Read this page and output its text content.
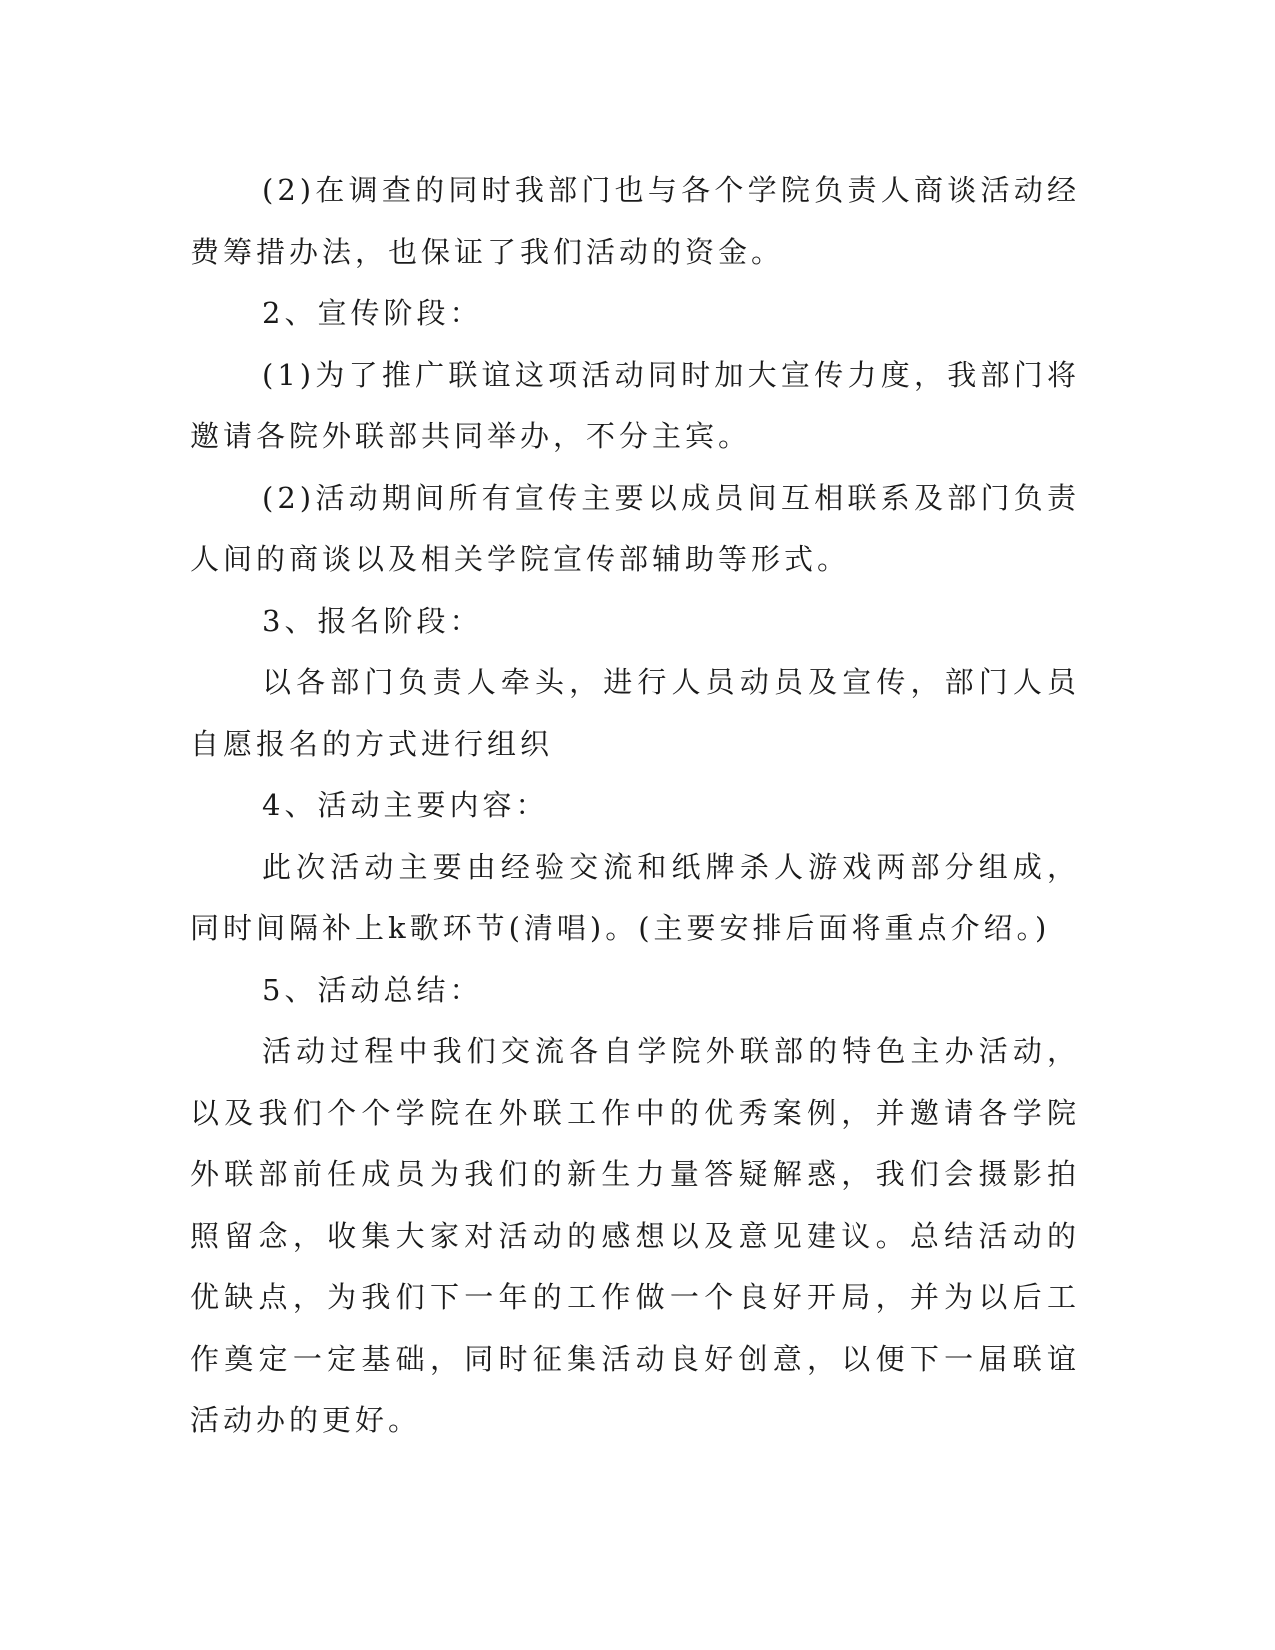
(2)在调查的同时我部门也与各个学院负责人商谈活动经费筹措办法，也保证了我们活动的资金。

2、宣传阶段：

(1)为了推广联谊这项活动同时加大宣传力度，我部门将邀请各院外联部共同举办，不分主宾。

(2)活动期间所有宣传主要以成员间互相联系及部门负责人间的商谈以及相关学院宣传部辅助等形式。

3、报名阶段：

以各部门负责人牵头，进行人员动员及宣传，部门人员自愿报名的方式进行组织

4、活动主要内容：

此次活动主要由经验交流和纸牌杀人游戏两部分组成，同时间隔补上k歌环节(清唱)。(主要安排后面将重点介绍。)

5、活动总结：

活动过程中我们交流各自学院外联部的特色主办活动，以及我们个个学院在外联工作中的优秀案例，并邀请各学院外联部前任成员为我们的新生力量答疑解惑，我们会摄影拍照留念，收集大家对活动的感想以及意见建议。总结活动的优缺点，为我们下一年的工作做一个良好开局，并为以后工作奠定一定基础，同时征集活动良好创意，以便下一届联谊活动办的更好。
